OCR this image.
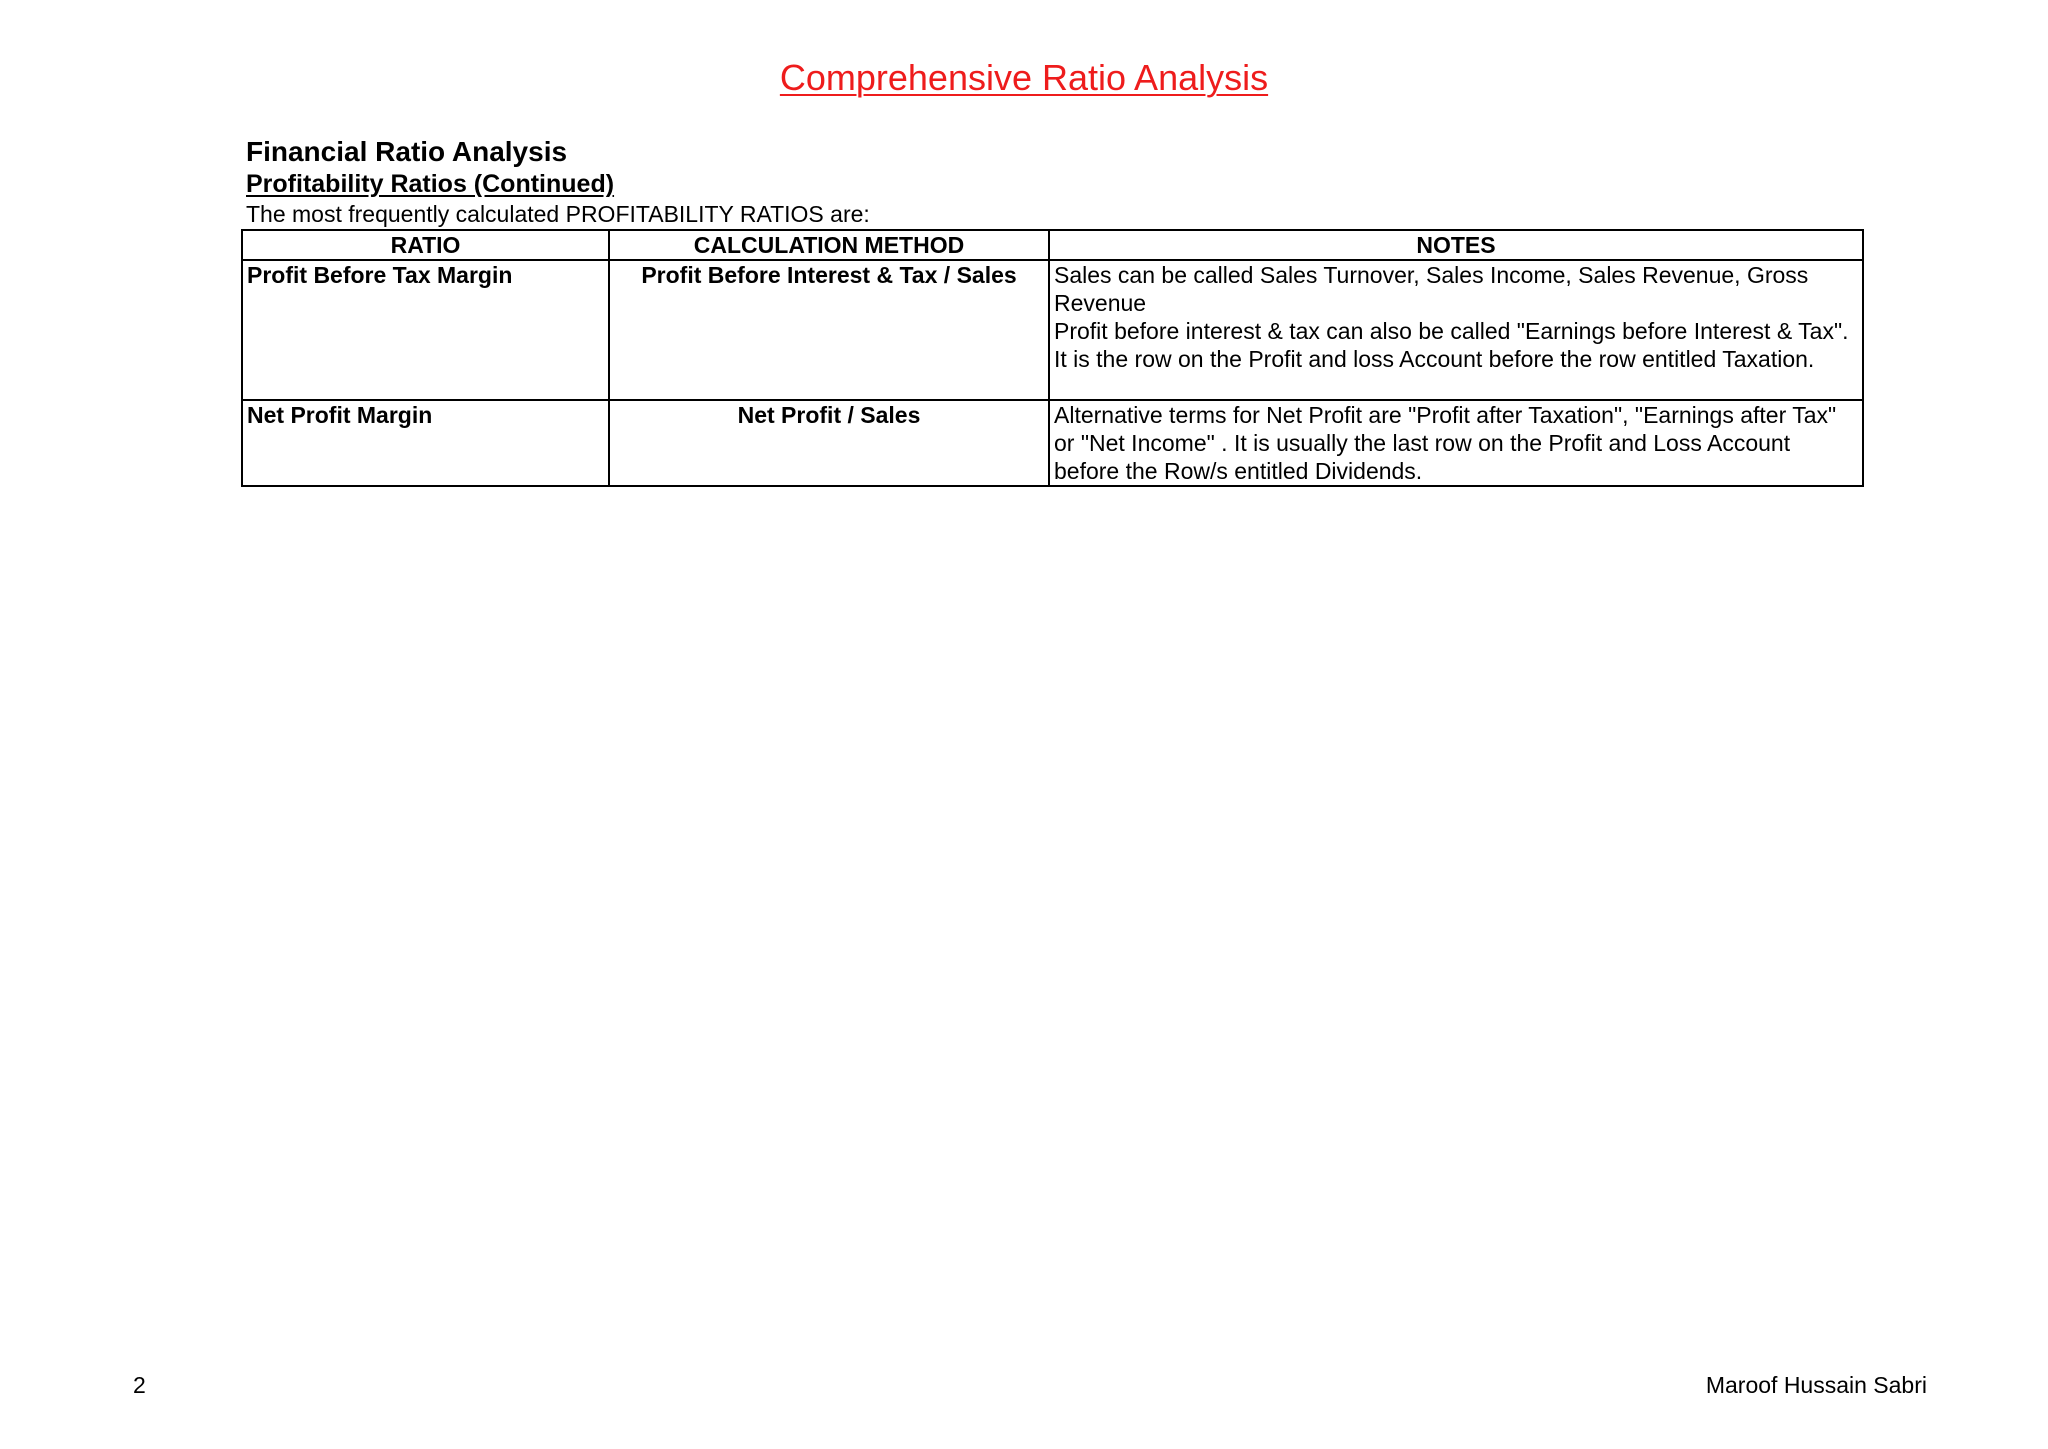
Comprehensive Ratio Analysis
Financial Ratio Analysis
Profitability Ratios (Continued)
The most frequently calculated PROFITABILITY RATIOS are:
RATIO	CALCULATION METHOD	NOTES
Profit Before Tax Margin	Profit Before Interest & Tax / Sales	Sales can be called Sales Turnover, Sales Income, Sales Revenue, Gross Revenue
Profit before interest & tax can also be called "Earnings before Interest & Tax". It is the row on the Profit and loss Account before the row entitled Taxation.
Net Profit Margin	Net Profit / Sales	Alternative terms for Net Profit are "Profit after Taxation", "Earnings after Tax" or "Net Income" . It is usually the last row on the Profit and Loss Account before the Row/s entitled Dividends.
2	Maroof Hussain Sabri
